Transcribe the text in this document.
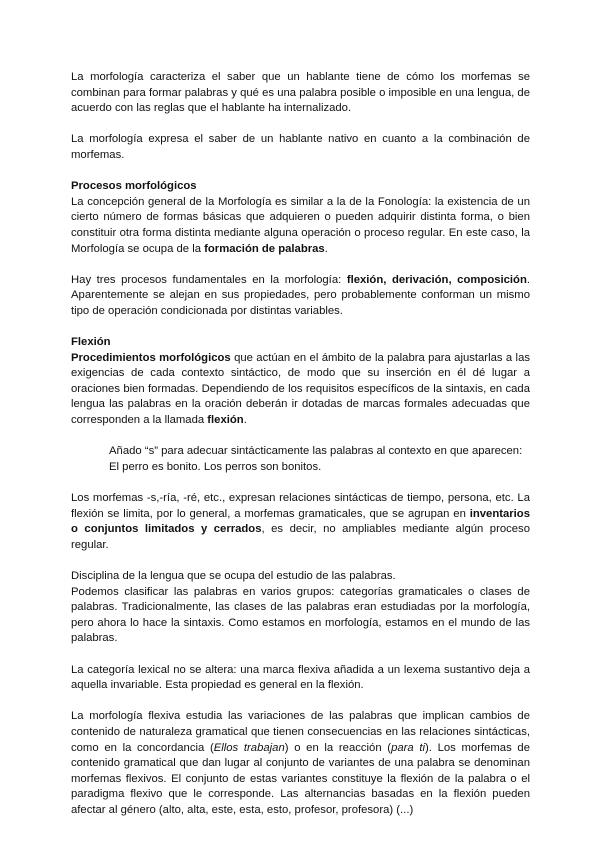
La morfología caracteriza el saber que un hablante tiene de cómo los morfemas se combinan para formar palabras y qué es una palabra posible o imposible en una lengua, de acuerdo con las reglas que el hablante ha internalizado.

La morfología expresa el saber de un hablante nativo en cuanto a la combinación de morfemas.

Procesos morfológicos

La concepción general de la Morfología es similar a la de la Fonología: la existencia de un cierto número de formas básicas que adquieren o pueden adquirir distinta forma, o bien constituir otra forma distinta mediante alguna operación o proceso regular. En este caso, la Morfología se ocupa de la formación de palabras.

Hay tres procesos fundamentales en la morfología: flexión, derivación, composición. Aparentemente se alejan en sus propiedades, pero probablemente conforman un mismo tipo de operación condicionada por distintas variables.

Flexión

Procedimientos morfológicos que actúan en el ámbito de la palabra para ajustarlas a las exigencias de cada contexto sintáctico, de modo que su inserción en él dé lugar a oraciones bien formadas. Dependiendo de los requisitos específicos de la sintaxis, en cada lengua las palabras en la oración deberán ir dotadas de marcas formales adecuadas que corresponden a la llamada flexión.

Añado “s” para adecuar sintácticamente las palabras al contexto en que aparecen:

El perro es bonito. Los perros son bonitos.

Los morfemas -s,-ría, -ré, etc., expresan relaciones sintácticas de tiempo, persona, etc. La flexión se limita, por lo general, a morfemas gramaticales, que se agrupan en inventarios o conjuntos limitados y cerrados, es decir, no ampliables mediante algún proceso regular.

Disciplina de la lengua que se ocupa del estudio de las palabras.

Podemos clasificar las palabras en varios grupos: categorías gramaticales o clases de palabras. Tradicionalmente, las clases de las palabras eran estudiadas por la morfología, pero ahora lo hace la sintaxis. Como estamos en morfología, estamos en el mundo de las palabras.

La categoría lexical no se altera: una marca flexiva añadida a un lexema sustantivo deja a aquella invariable. Esta propiedad es general en la flexión.

La morfología flexiva estudia las variaciones de las palabras que implican cambios de contenido de naturaleza gramatical que tienen consecuencias en las relaciones sintácticas, como en la concordancia (Ellos trabajan) o en la reacción (para ti). Los morfemas de contenido gramatical que dan lugar al conjunto de variantes de una palabra se denominan morfemas flexivos. El conjunto de estas variantes constituye la flexión de la palabra o el paradigma flexivo que le corresponde. Las alternancias basadas en la flexión pueden afectar al género (alto, alta, este, esta, esto, profesor, profesora) (...)
